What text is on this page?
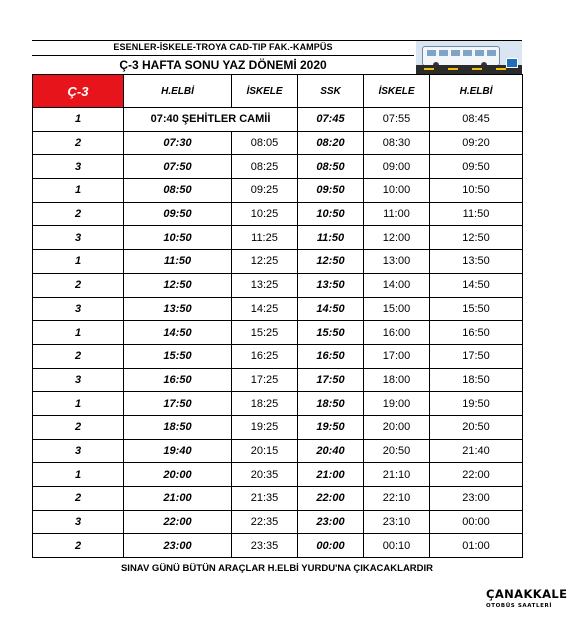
ESENLER-İSKELE-TROYA CAD-TIP FAK.-KAMPÜS
Ç-3 HAFTA SONU YAZ DÖNEMİ 2020
Ç-3	H.ELBİ	İSKELE	SSK	İSKELE	H.ELBİ
1	07:40 ŞEHİTLER CAMİİ		07:45	07:55	08:45
2	07:30	08:05	08:20	08:30	09:20
3	07:50	08:25	08:50	09:00	09:50
1	08:50	09:25	09:50	10:00	10:50
2	09:50	10:25	10:50	11:00	11:50
3	10:50	11:25	11:50	12:00	12:50
1	11:50	12:25	12:50	13:00	13:50
2	12:50	13:25	13:50	14:00	14:50
3	13:50	14:25	14:50	15:00	15:50
1	14:50	15:25	15:50	16:00	16:50
2	15:50	16:25	16:50	17:00	17:50
3	16:50	17:25	17:50	18:00	18:50
1	17:50	18:25	18:50	19:00	19:50
2	18:50	19:25	19:50	20:00	20:50
3	19:40	20:15	20:40	20:50	21:40
1	20:00	20:35	21:00	21:10	22:00
2	21:00	21:35	22:00	22:10	23:00
3	22:00	22:35	23:00	23:10	00:00
2	23:00	23:35	00:00	00:10	01:00
SINAV GÜNÜ BÜTÜN ARAÇLAR H.ELBİ YURDU'NA ÇIKACAKLARDIR
ÇANAKKALE
OTOBÜS SAATLERİ
